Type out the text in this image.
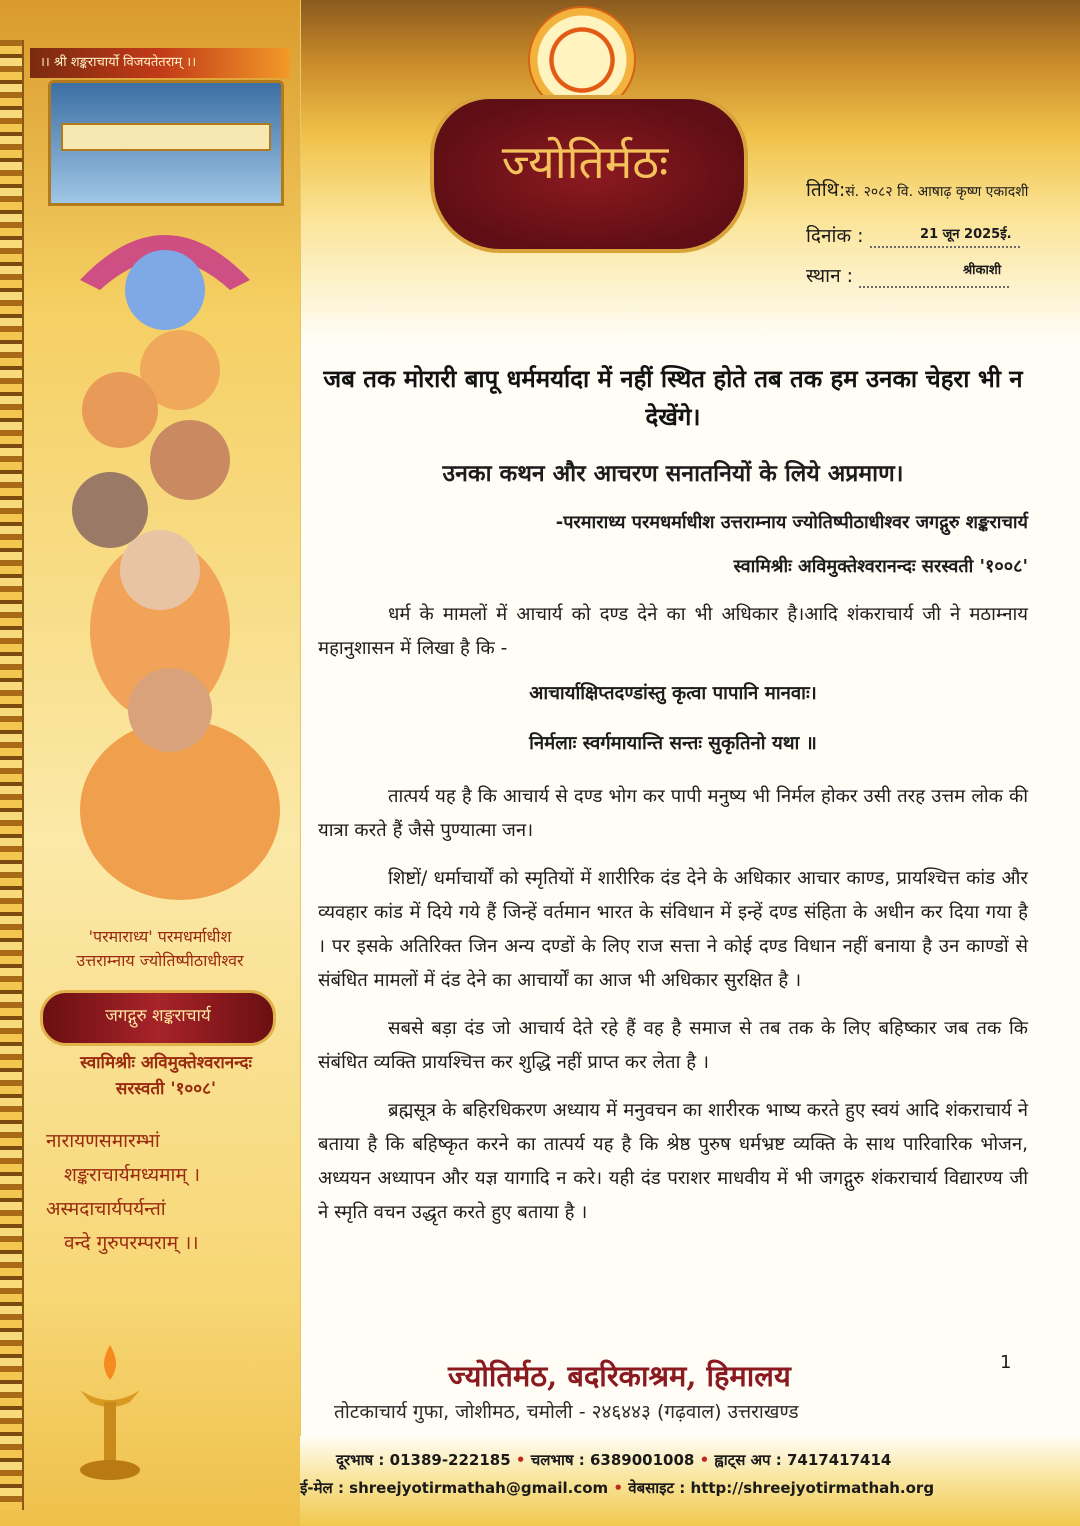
।। श्री शङ्कराचार्यो विजयतेतराम् ।।
'परमाराध्य' परमधर्माधीश
उत्तराम्नाय ज्योतिष्पीठाधीश्वर
जगद्गुरु शङ्कराचार्य
स्वामिश्रीः अविमुक्तेश्वरानन्दः
सरस्वती '१००८'
नारायणसमारम्भां
शङ्कराचार्यमध्यमाम् ।
अस्मदाचार्यपर्यन्तां
वन्दे गुरुपरम्पराम् ।।
ज्योतिर्मठः
तिथि:सं. २०८२ वि. आषाढ़ कृष्ण एकादशी
दिनांक :	21 जून 2025ई.
स्थान :	श्रीकाशी
जब तक मोरारी बापू धर्ममर्यादा में नहीं स्थित होते तब तक हम उनका चेहरा भी न देखेंगे।
उनका कथन और आचरण सनातनियों के लिये अप्रमाण।
-परमाराध्य परमधर्माधीश उत्तराम्नाय ज्योतिष्पीठाधीश्वर जगद्गुरु शङ्कराचार्य
स्वामिश्रीः अविमुक्तेश्वरानन्दः सरस्वती '१००८'

धर्म के मामलों में आचार्य को दण्ड देने का भी अधिकार है।आदि शंकराचार्य जी ने मठाम्नाय महानुशासन में लिखा है कि -

आचार्याक्षिप्तदण्डांस्तु कृत्वा पापानि मानवाः।
निर्मलाः स्वर्गमायान्ति सन्तः सुकृतिनो यथा ॥

तात्पर्य यह है कि आचार्य से दण्ड भोग कर पापी मनुष्य भी निर्मल होकर उसी तरह उत्तम लोक की यात्रा करते हैं जैसे पुण्यात्मा जन।

शिष्टों/ धर्माचार्यों को स्मृतियों में शारीरिक दंड देने के अधिकार आचार काण्ड, प्रायश्चित्त कांड और व्यवहार कांड में दिये गये हैं जिन्हें वर्तमान भारत के संविधान में इन्हें दण्ड संहिता के अधीन कर दिया गया है । पर इसके अतिरिक्त जिन अन्य दण्डों के लिए राज सत्ता ने कोई दण्ड विधान नहीं बनाया है उन काण्डों से संबंधित मामलों में दंड देने का आचार्यों का आज भी अधिकार सुरक्षित है ।

सबसे बड़ा दंड जो आचार्य देते रहे हैं वह है समाज से तब तक के लिए बहिष्कार जब तक कि संबंधित व्यक्ति प्रायश्चित्त कर शुद्धि नहीं प्राप्त कर लेता है ।

ब्रह्मसूत्र के बहिरधिकरण अध्याय में मनुवचन का शारीरक भाष्य करते हुए स्वयं आदि शंकराचार्य ने बताया है कि बहिष्कृत करने का तात्पर्य यह है कि श्रेष्ठ पुरुष धर्मभ्रष्ट व्यक्ति के साथ पारिवारिक भोजन, अध्ययन अध्यापन और यज्ञ यागादि न करे। यही दंड पराशर माधवीय में भी जगद्गुरु शंकराचार्य विद्यारण्य जी ने स्मृति वचन उद्धृत करते हुए बताया है ।

1
ज्योतिर्मठ, बदरिकाश्रम, हिमालय
तोटकाचार्य गुफा, जोशीमठ, चमोली - २४६४४३ (गढ़वाल) उत्तराखण्ड
दूरभाष : 01389-222185 • चलभाष : 6389001008 • ह्वाट्स अप : 7417417414
ई-मेल : shreejyotirmathah@gmail.com • वेबसाइट : http://shreejyotirmathah.org
